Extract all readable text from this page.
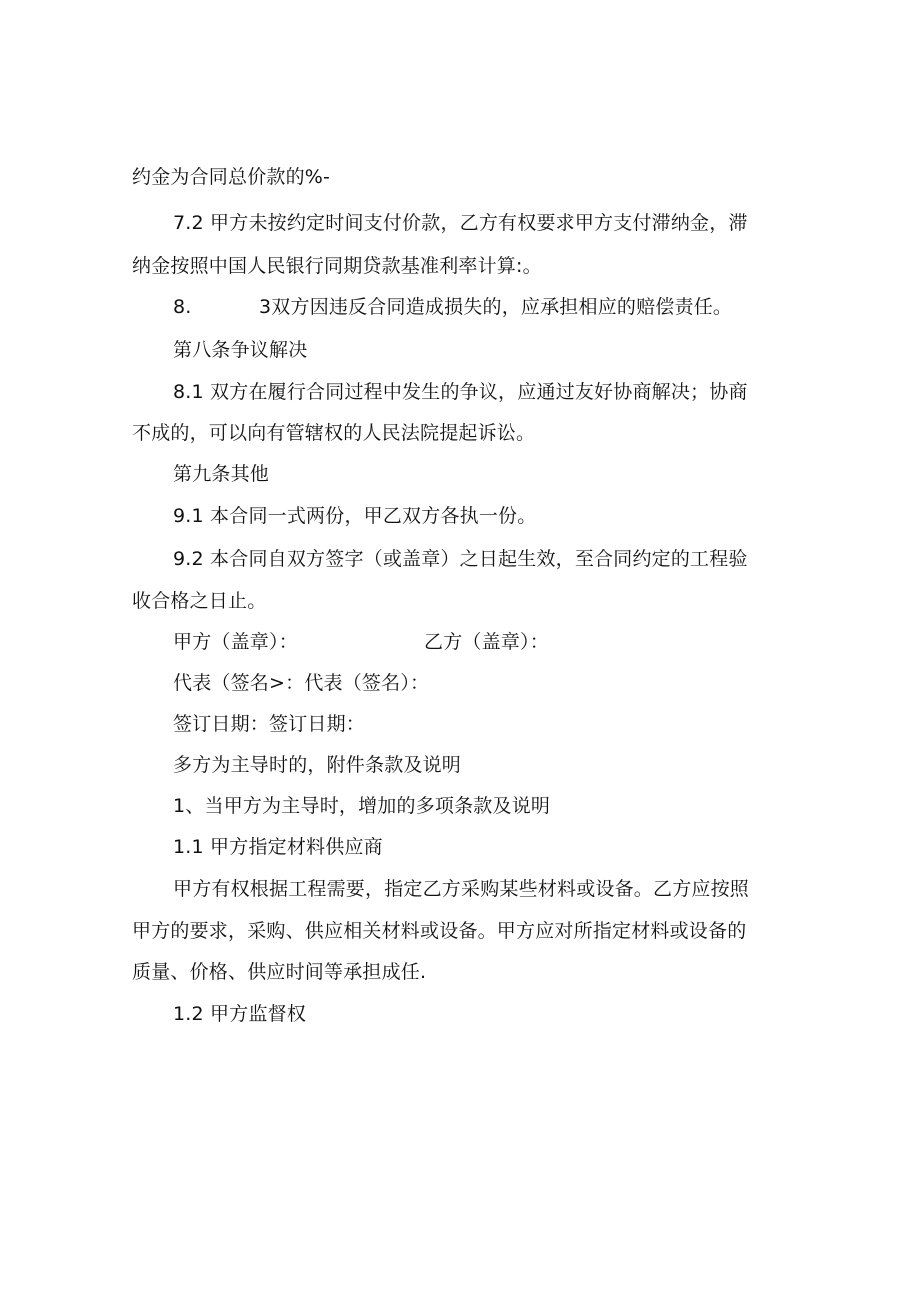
约金为合同总价款的%-
7.2 甲方未按约定时间支付价款，乙方有权要求甲方支付滞纳金，滞
纳金按照中国人民银行同期贷款基准利率计算:。
8.	3双方因违反合同造成损失的，应承担相应的赔偿责任。
第八条争议解决
8.1 双方在履行合同过程中发生的争议，应通过友好协商解决；协商
不成的，可以向有管辖权的人民法院提起诉讼。
第九条其他
9.1 本合同一式两份，甲乙双方各执一份。
9.2 本合同自双方签字（或盖章）之日起生效，至合同约定的工程验
收合格之日止。
甲方（盖章）：	乙方（盖章）：
代表（签名>：代表（签名）：
签订日期：签订日期：
多方为主导时的，附件条款及说明
1、当甲方为主导时，增加的多项条款及说明
1.1 甲方指定材料供应商
甲方有权根据工程需要，指定乙方采购某些材料或设备。乙方应按照
甲方的要求，采购、供应相关材料或设备。甲方应对所指定材料或设备的
质量、价格、供应时间等承担成任.
1.2 甲方监督权
